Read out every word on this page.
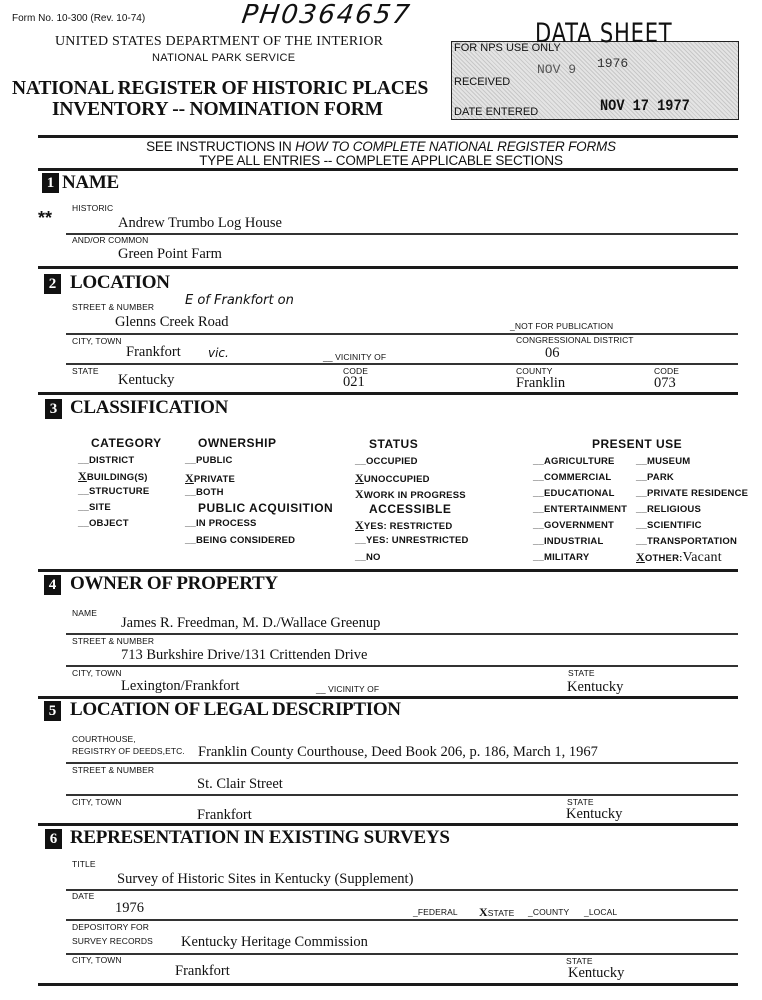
Form No. 10-300 (Rev. 10-74)	PH0364657
UNITED STATES DEPARTMENT OF THE INTERIOR
NATIONAL PARK SERVICE
NATIONAL REGISTER OF HISTORIC PLACES
INVENTORY -- NOMINATION FORM
DATA SHEET
FOR NPS USE ONLY
NOV 9 1976
RECEIVED
DATE ENTERED	NOV 17 1977
SEE INSTRUCTIONS IN HOW TO COMPLETE NATIONAL REGISTER FORMS
TYPE ALL ENTRIES -- COMPLETE APPLICABLE SECTIONS
1 NAME
HISTORIC
**	Andrew Trumbo Log House
AND/OR COMMON
Green Point Farm
2 LOCATION
STREET & NUMBER E of Frankfort on
Glenns Creek Road	_NOT FOR PUBLICATION
CITY, TOWN
Frankfort vic.	__ VICINITY OF
CONGRESSIONAL DISTRICT
06
STATE
Kentucky
CODE
021
COUNTY
Franklin
CODE
073
3 CLASSIFICATION
CATEGORY
__DISTRICT
XBUILDING(S)
__STRUCTURE
__SITE
__OBJECT
OWNERSHIP
__PUBLIC
XPRIVATE
__BOTH
PUBLIC ACQUISITION
__IN PROCESS
__BEING CONSIDERED
STATUS
__OCCUPIED
XUNOCCUPIED
XWORK IN PROGRESS
ACCESSIBLE
XYES: RESTRICTED
__YES: UNRESTRICTED
__NO
PRESENT USE
__AGRICULTURE
__COMMERCIAL
__EDUCATIONAL
__ENTERTAINMENT
__GOVERNMENT
__INDUSTRIAL
__MILITARY
__MUSEUM
__PARK
__PRIVATE RESIDENCE
__RELIGIOUS
__SCIENTIFIC
__TRANSPORTATION
XOTHER:Vacant
4 OWNER OF PROPERTY
NAME
James R. Freedman, M. D./Wallace Greenup
STREET & NUMBER
713 Burkshire Drive/131 Crittenden Drive
CITY, TOWN
Lexington/Frankfort	__ VICINITY OF
STATE
Kentucky
5 LOCATION OF LEGAL DESCRIPTION
COURTHOUSE,
REGISTRY OF DEEDS,ETC. Franklin County Courthouse, Deed Book 206, p. 186, March 1, 1967
STREET & NUMBER
St. Clair Street
CITY, TOWN
Frankfort
STATE
Kentucky
6 REPRESENTATION IN EXISTING SURVEYS
TITLE
Survey of Historic Sites in Kentucky (Supplement)
DATE
1976	_FEDERAL XSTATE _COUNTY _LOCAL
DEPOSITORY FOR
SURVEY RECORDS Kentucky Heritage Commission
CITY, TOWN
Frankfort
STATE
Kentucky
